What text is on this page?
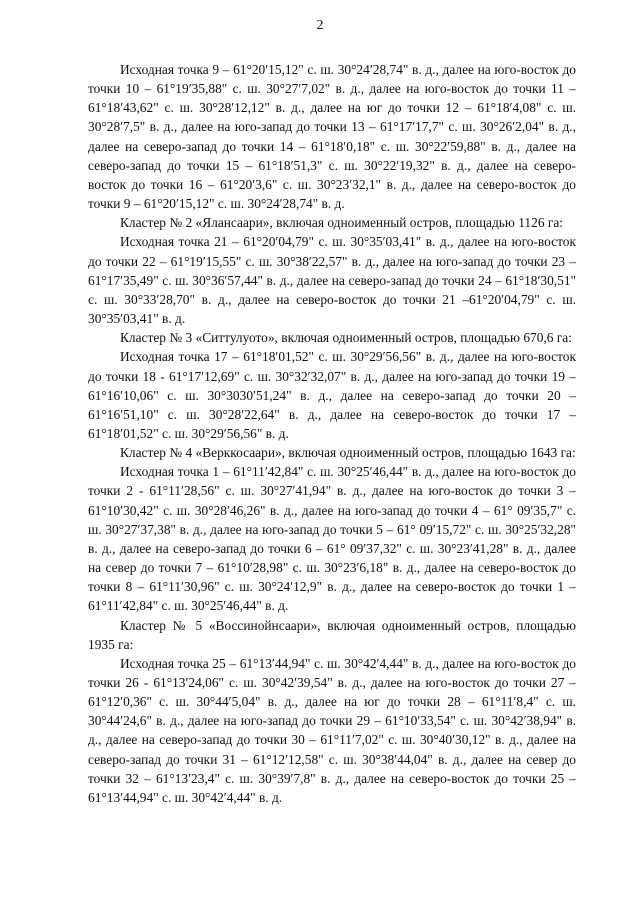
2

Исходная точка 9 – 61°20′15,12" с. ш. 30°24′28,74" в. д., далее на юго-восток до точки 10 – 61°19′35,88" с. ш. 30°27′7,02" в. д., далее на юго-восток до точки 11 – 61°18′43,62" с. ш. 30°28′12,12" в. д., далее на юг до точки 12 – 61°18′4,08" с. ш. 30°28′7,5" в. д., далее на юго-запад до точки 13 – 61°17′17,7" с. ш. 30°26′2,04" в. д., далее на северо-запад до точки 14 – 61°18′0,18" с. ш. 30°22′59,88" в. д., далее на северо-запад до точки 15 – 61°18′51,3" с. ш. 30°22′19,32" в. д., далее на северо-восток до точки 16 – 61°20′3,6" с. ш. 30°23′32,1" в. д., далее на северо-восток до точки 9 – 61°20′15,12" с. ш. 30°24′28,74" в. д.

Кластер № 2 «Ялансаари», включая одноименный остров, площадью 1126 га:

Исходная точка 21 – 61°20′04,79" с. ш. 30°35′03,41" в. д., далее на юго-восток до точки 22 – 61°19′15,55" с. ш. 30°38′22,57" в. д., далее на юго-запад до точки 23 – 61°17′35,49" с. ш. 30°36′57,44" в. д., далее на северо-запад до точки 24 – 61°18′30,51" с. ш. 30°33′28,70" в. д., далее на северо-восток до точки 21 –61°20′04,79" с. ш. 30°35′03,41" в. д.

Кластер № 3 «Ситтулуото», включая одноименный остров, площадью 670,6 га:

Исходная точка 17 – 61°18′01,52" с. ш. 30°29′56,56" в. д., далее на юго-восток до точки 18 - 61°17′12,69" с. ш. 30°32′32,07" в. д., далее на юго-запад до точки 19 – 61°16′10,06" с. ш. 30°3030′51,24" в. д., далее на северо-запад до точки 20 – 61°16′51,10" с. ш. 30°28′22,64" в. д., далее на северо-восток до точки 17 – 61°18′01,52" с. ш. 30°29′56,56" в. д.

Кластер № 4 «Верккосаари», включая одноименный остров, площадью 1643 га:

Исходная точка 1 – 61°11′42,84" с. ш. 30°25′46,44" в. д., далее на юго-восток до точки 2 - 61°11′28,56" с. ш. 30°27′41,94" в. д., далее на юго-восток до точки 3 – 61°10′30,42" с. ш. 30°28′46,26" в. д., далее на юго-запад до точки 4 – 61° 09′35,7" с. ш. 30°27′37,38" в. д., далее на юго-запад до точки 5 – 61° 09′15,72" с. ш. 30°25′32,28" в. д., далее на северо-запад до точки 6 – 61° 09′37,32" с. ш. 30°23′41,28" в. д., далее на север до точки 7 – 61°10′28,98" с. ш. 30°23′6,18" в. д., далее на северо-восток до точки 8 – 61°11′30,96" с. ш. 30°24′12,9" в. д., далее на северо-восток до точки 1 – 61°11′42,84" с. ш. 30°25′46,44" в. д.

Кластер № 5 «Воссинойнсаари», включая одноименный остров, площадью 1935 га:

Исходная точка 25 – 61°13′44,94" с. ш. 30°42′4,44" в. д., далее на юго-восток до точки 26 - 61°13′24,06" с. ш. 30°42′39,54" в. д., далее на юго-восток до точки 27 – 61°12′0,36" с. ш. 30°44′5,04" в. д., далее на юг до точки 28 – 61°11′8,4" с. ш. 30°44′24,6" в. д., далее на юго-запад до точки 29 – 61°10′33,54" с. ш. 30°42′38,94" в. д., далее на северо-запад до точки 30 – 61°11′7,02" с. ш. 30°40′30,12" в. д., далее на северо-запад до точки 31 – 61°12′12,58" с. ш. 30°38′44,04" в. д., далее на север до точки 32 – 61°13′23,4" с. ш. 30°39′7,8" в. д., далее на северо-восток до точки 25 – 61°13′44,94" с. ш. 30°42′4,44" в. д.
